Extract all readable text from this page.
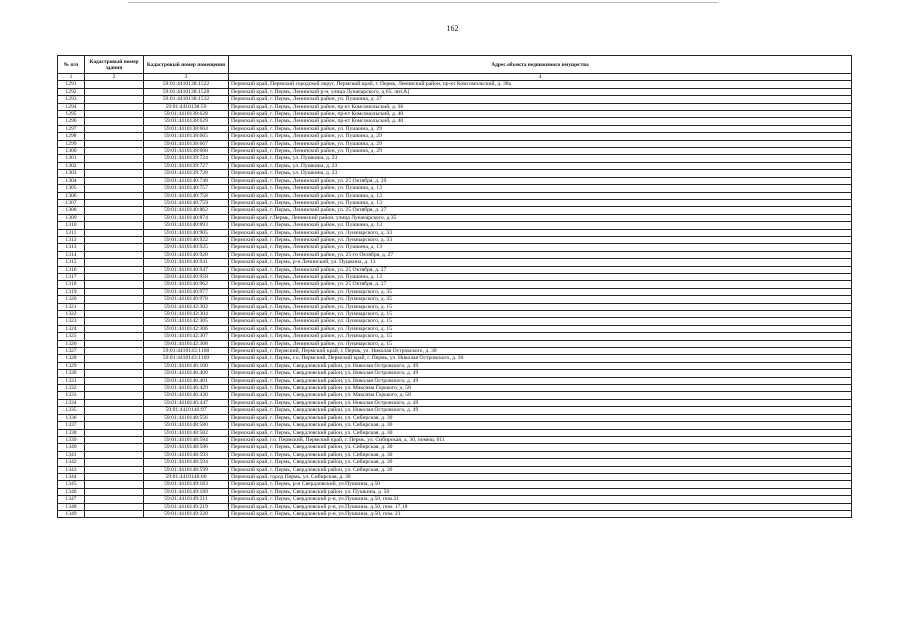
162
№ п/п	Кадастровый номер здания	Кадастровый номер помещения	Адрес объекта недвижимого имущества
1	2	3	4
1291		59:01:4410138:1522	Пермский край, Пермский городской округ, Пермский край, г. Пермь, Ленинский район, пр-кт Комсомольский, д. 38а
1292		59:01:4410138:1528	Пермский край, г. Пермь, Ленинский р-н, улица Луначарского, д.65, лит.А]
1293		59:01:4410138:1532	Пермский край, г. Пермь, Ленинский район, ул. Пушкина, д. 27
1294		59:01:4410138:59	Пермский край, г. Пермь, Ленинский район, пр-кт Комсомольский, д. 36
1295		59:01:4410138:628	Пермский край, г. Пермь, Ленинский район, пр-кт Комсомольский, д. 40
1296		59:01:4410138:629	Пермский край, г. Пермь, Ленинский район, пр-кт Комсомольский, д. 40
1297		59:01:4410138:664	Пермский край, г. Пермь, Ленинский район, ул. Пушкина, д. 29
1298		59:01:4410138:665	Пермский край, г. Пермь, Ленинский район, ул. Пушкина, д. 29
1299		59:01:4410138:667	Пермский край, г. Пермь, Ленинский район, ул. Пушкина, д. 29
1300		59:01:4410138:668	Пермский край, г. Пермь, Ленинский район, ул. Пушкина, д. 29
1301		59:01:4410139:724	Пермский край, г. Пермь, ул. Пушкина, д. 23
1302		59:01:4410139:727	Пермский край, г. Пермь, ул. Пушкина, д. 23
1303		59:01:4410139:728	Пермский край, г. Пермь, ул. Пушкина, д. 23
1304		59:01:4410140:748	Пермский край, г. Пермь, Ленинский район, ул. 25 Октября, д. 29
1305		59:01:4410140:757	Пермский край, г. Пермь, Ленинский район, ул. Пушкина, д. 13
1306		59:01:4410140:758	Пермский край, г. Пермь, Ленинский район, ул. Пушкина, д. 13
1307		59:01:4410140:759	Пермский край, г. Пермь, Ленинский район, ул. Пушкина, д. 13
1308		59:01:4410140:862	Пермский край, г. Пермь, Ленинский район, ул. 25 Октября, д. 27
1309		59:01:4410140:874	Пермский край, г.Пермь, Ленинский район, улица Луначарского, д.35
1310		59:01:4410140:893	Пермский край, г. Пермь, Ленинский район, ул. Пушкина, д. 13
1311		59:01:4410140:905	Пермский край, г. Пермь, Ленинский район, ул. Луначарского, д. 33
1312		59:01:4410140:922	Пермский край, г. Пермь, Ленинский район, ул. Луначарского, д. 33
1313		59:01:4410140:925	Пермский край, г. Пермь, Ленинский район, ул. Пушкина, д. 13
1314		59:01:4410140:928	Пермский край, г. Пермь, Ленинский район, ул. 25-го Октября, д. 27
1315		59:01:4410140:941	Пермский край, г. Пермь, р-н Ленинский, ул. Пушкина, д. 13
1316		59:01:4410140:947	Пермский край, г. Пермь, Ленинский район, ул. 25 Октября, д. 27
1317		59:01:4410140:958	Пермский край, г. Пермь, Ленинский район, ул. Пушкина, д. 13
1318		59:01:4410140:962	Пермский край, г. Пермь, Ленинский район, ул. 25 Октября, д. 27
1319		59:01:4410140:977	Пермский край, г. Пермь, Ленинский район, ул. Луначарского, д. 35
1320		59:01:4410140:978	Пермский край, г. Пермь, Ленинский район, ул. Луначарского, д. 35
1321		59:01:4410142:302	Пермский край, г. Пермь, Ленинский район, ул. Луначарского, д. 15
1322		59:01:4410142:304	Пермский край, г. Пермь, Ленинский район, ул. Луначарского, д. 15
1323		59:01:4410142:305	Пермский край, г. Пермь, Ленинский район, ул. Луначарского, д. 15
1324		59:01:4410142:306	Пермский край, г. Пермь, Ленинский район, ул. Луначарского, д. 15
1325		59:01:4410142:307	Пермский край, г. Пермь, Ленинский район, ул. Луначарского, д. 15
1326		59:01:4410142:308	Пермский край, г. Пермь, Ленинский район, ул. Луначарского, д. 15
1327		59:01:4410143:1168	Пермский край, г. Пермский, Пермский край, г. Пермь, ул. Николая Островского, д. 30
1328		59:01:4410143:1169	Пермский край, г. Пермь, г.о. Пермский, Пермский край, г. Пермь, ул. Николая Островского, д. 30
1329		59:01:4410146:100	Пермский край, г. Пермь, Свердловский район, ул. Николая Островского, д. 49
1330		59:01:4410146:400	Пермский край, г. Пермь, Свердловский район, ул. Николая Островского, д. 49
1331		59:01:4410146:401	Пермский край, г. Пермь, Свердловский район, ул. Николая Островского, д. 49
1332		59:01:4410146:429	Пермский край, г. Пермь, Свердловский район, ул. Максима Горького, д. 58
1333		59:01:4410146:430	Пермский край, г. Пермь, Свердловский район, ул. Максима Горького, д. 58
1334		59:01:4410146:447	Пермский край, г. Пермь, Свердловский район, ул. Николая Островского, д. 49
1335		59:01:4410146:97	Пермский край, г. Пермь, Свердловский район, ул. Николая Островского, д. 49
1336		59:01:4410148:556	Пермский край, г. Пермь, Свердловский район, ул. Сибирская, д. 30
1337		59:01:4410148:580	Пермский край, г. Пермь, Свердловский район, ул. Сибирская, д. 30
1338		59:01:4410148:582	Пермский край, г. Пермь, Свердловский район, ул. Сибирская, д. 30
1339		59:01:4410148:584	Пермский край, г.о. Пермский, Пермский край, г. Пермь, ул. Сибирская, д. 30, помещ. 011
1340		59:01:4410148:586	Пермский край, г. Пермь, Свердловский район, ул. Сибирская, д. 30
1341		59:01:4410148:593	Пермский край, г. Пермь, Свердловский район, ул. Сибирская, д. 30
1342		59:01:4410148:594	Пермский край, г. Пермь, Свердловский район, ул. Сибирская, д. 30
1343		59:01:4410148:599	Пермский край, г. Пермь, Свердловский район, ул. Сибирская, д. 30
1344		59:01:4410148:60	Пермский край, город Пермь, ул. Сибирская, д. 30
1345		59:01:4410149:183	Пермский край, г. Пермь, р-н Свердловский, ул.Пушкина, д.50
1346		59:01:4410149:189	Пермский край, г. Пермь, Свердловский район, ул. Пушкина, д. 50
1347		59:01:4410149:211	Пермский край, г. Пермь, Свердловский р-н, ул.Пушкина, д.50, пом.21
1348		59:01:4410149:219	Пермский край, г. Пермь, Свердловский р-н, ул.Пушкина, д.50, пом. 17,18
1349		59:01:4410149:228	Пермский край, г. Пермь, Свердловский р-н, ул.Пушкина, д.50, пом. 23
